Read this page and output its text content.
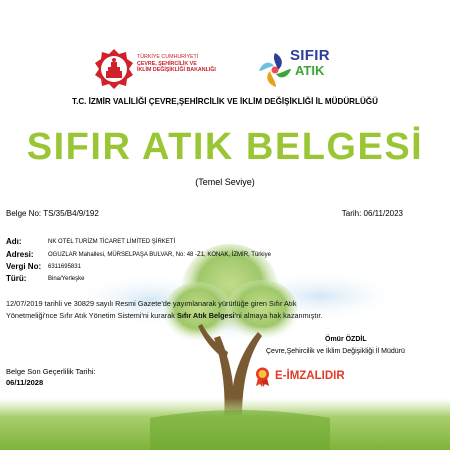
TÜRKİYE CUMHURİYETİ
ÇEVRE, ŞEHİRCİLİK VE
İKLİM DEĞİŞİKLİĞİ BAKANLIĞI
SIFIR
ATIK
T.C. İZMİR VALİLİĞİ ÇEVRE,ŞEHİRCİLİK VE İKLİM DEĞİŞİKLİĞİ İL MÜDÜRLÜĞÜ
SIFIR ATIK BELGESİ
(Temel Seviye)
Belge No: TS/35/B4/9/192	Tarih: 06/11/2023
Adı:	NK OTEL TURİZM TİCARET LİMİTED ŞİRKETİ
Adresi: OGUZLAR Mahallesi, MÜRSELPAŞA BULVAR, No: 48 -Z1, KONAK, İZMİR, Türkiye
Vergi No: 6311695831
Türü:	Bina/Yerleşke
12/07/2019 tarihli ve 30829 sayılı Resmi Gazete'de yayımlanarak yürürlüğe giren Sıfır Atık
Yönetmeliği'nce Sıfır Atık Yönetim Sistemi'ni kurarak Sıfır Atık Belgesi'ni almaya hak kazanmıştır.
Ömür ÖZDİL
Çevre,Şehircilik ve İklim Değişikliği İl Müdürü
E-İMZALIDIR
Belge Son Geçerlilik Tarihi:
06/11/2028
